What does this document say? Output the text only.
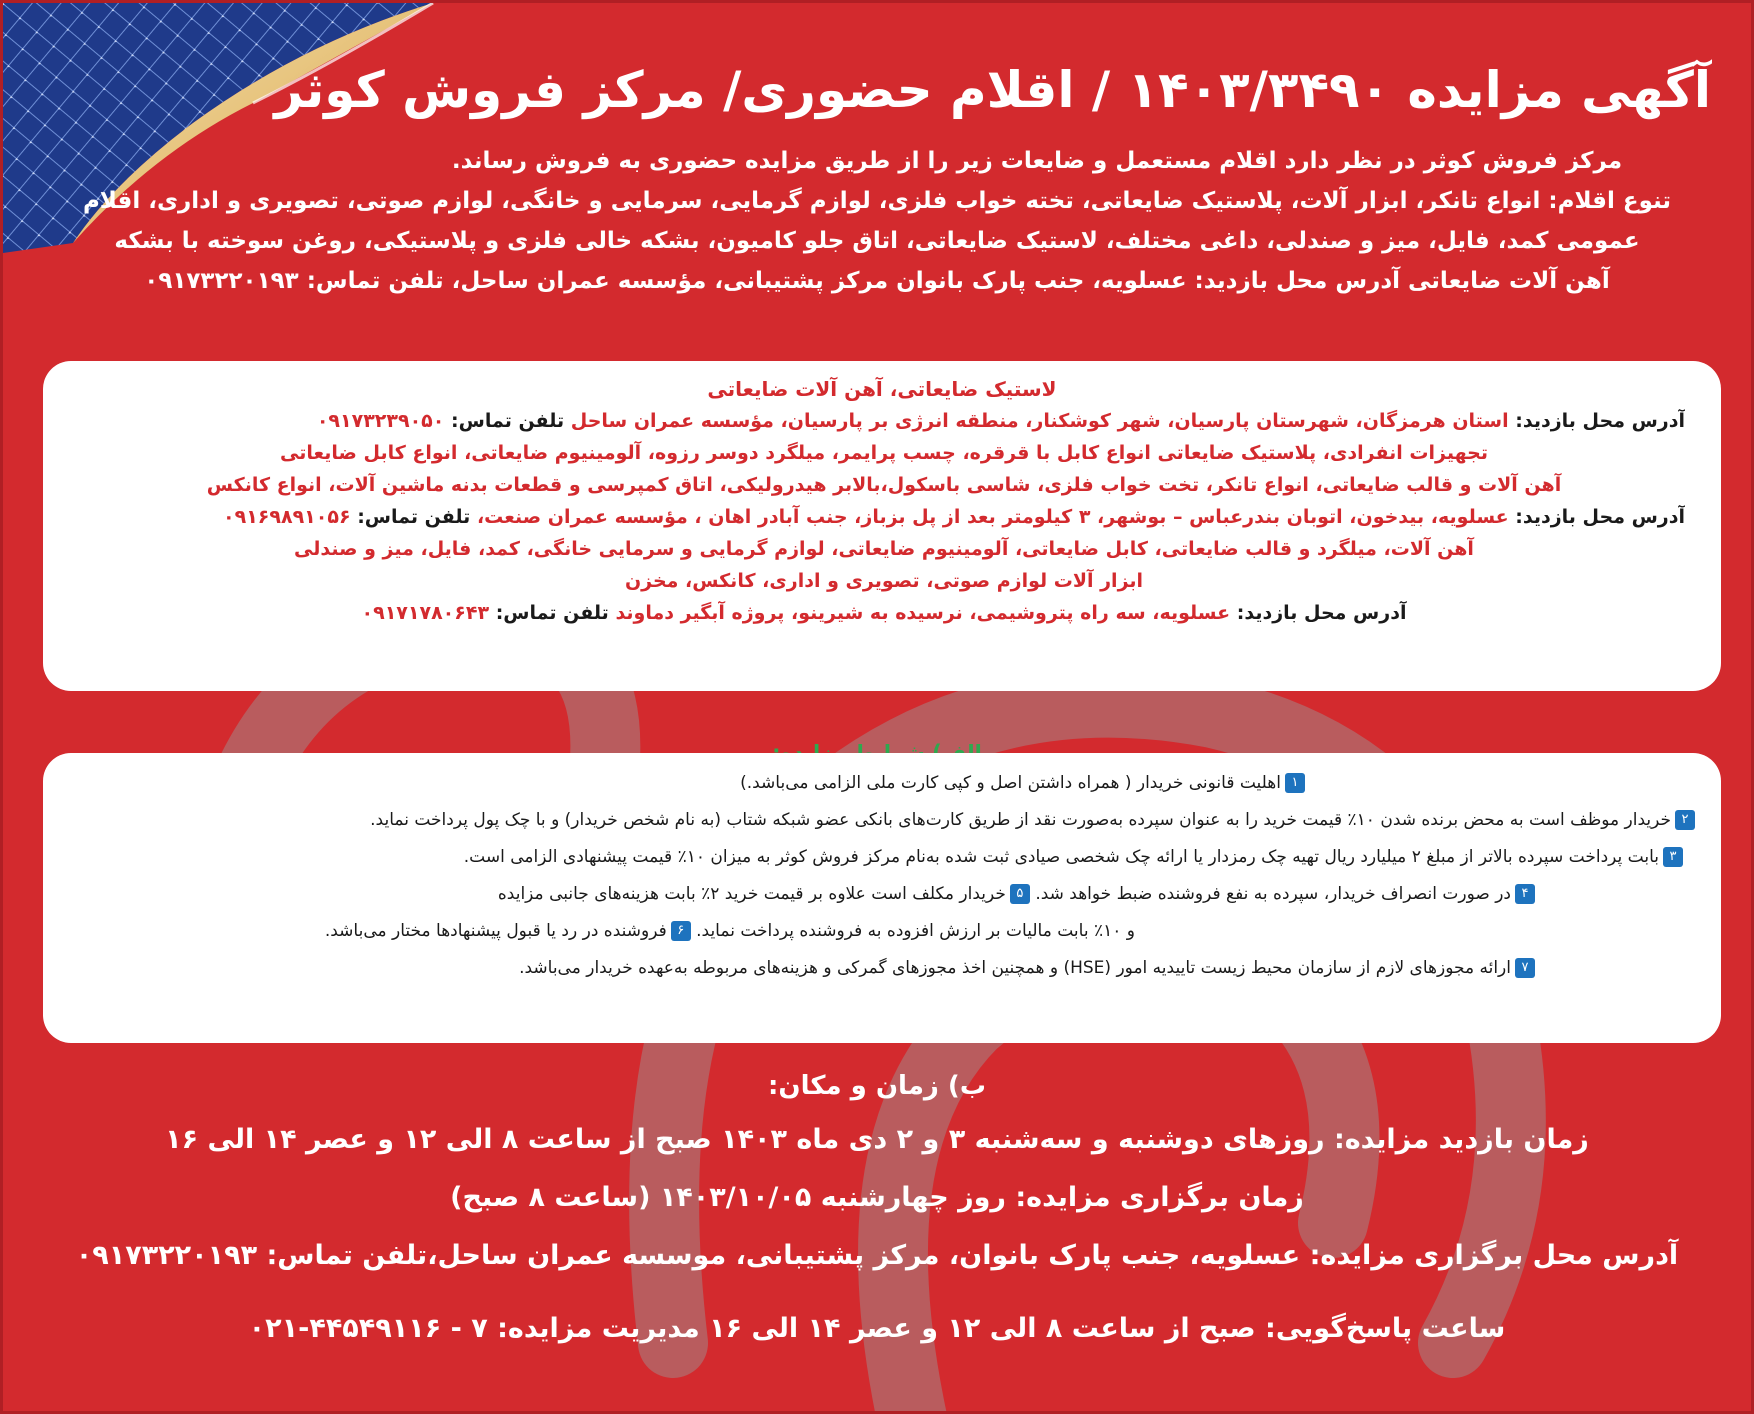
آگهی مزایده ۱۴۰۳/۳۴۹۰ / اقلام حضوری/ مرکز فروش کوثر

مرکز فروش کوثر در نظر دارد اقلام مستعمل و ضایعات زیر را از طریق مزایده حضوری به فروش رساند.

تنوع اقلام: انواع تانکر، ابزار آلات، پلاستیک ضایعاتی، تخته خواب فلزی، لوازم گرمایی، سرمایی و خانگی، لوازم صوتی، تصویری و اداری، اقلام

عمومی کمد، فایل، میز و صندلی، داغی مختلف، لاستیک ضایعاتی، اتاق جلو کامیون، بشکه خالی فلزی و پلاستیکی، روغن سوخته با بشکه

آهن آلات ضایعاتی آدرس محل بازدید: عسلویه، جنب پارک بانوان مرکز پشتیبانی، مؤسسه عمران ساحل، تلفن تماس: ۰۹۱۷۳۲۲۰۱۹۳

لاستیک ضایعاتی، آهن آلات ضایعاتی
آدرس محل بازدید: استان هرمزگان، شهرستان پارسیان، شهر کوشکنار، منطقه انرژی بر پارسیان، مؤسسه عمران ساحل تلفن تماس: ۰۹۱۷۳۲۳۹۰۵۰
تجهیزات انفرادی، پلاستیک ضایعاتی انواع کابل با قرقره، چسب پرایمر، میلگرد دوسر رزوه، آلومینیوم ضایعاتی، انواع کابل ضایعاتی
آهن آلات و قالب ضایعاتی، انواع تانکر، تخت خواب فلزی، شاسی باسکول،بالابر هیدرولیکی، اتاق کمپرسی و قطعات بدنه ماشین آلات، انواع کانکس
آدرس محل بازدید: عسلویه، بیدخون، اتوبان بندرعباس – بوشهر، ۳ کیلومتر بعد از پل بزباز، جنب آبادر اهان ، مؤسسه عمران صنعت، تلفن تماس: ۰۹۱۶۹۸۹۱۰۵۶
آهن آلات، میلگرد و قالب ضایعاتی، کابل ضایعاتی، آلومینیوم ضایعاتی، لوازم گرمایی و سرمایی خانگی، کمد، فایل، میز و صندلی
ابزار آلات لوازم صوتی، تصویری و اداری، کانکس، مخزن
آدرس محل بازدید: عسلویه، سه راه پتروشیمی، نرسیده به شیرینو، پروژه آبگیر دماوند تلفن تماس: ۰۹۱۷۱۷۸۰۶۴۳
۱اهلیت قانونی خریدار ( همراه داشتن اصل و کپی کارت ملی الزامی می‌باشد.)
۲خریدار موظف است به محض برنده شدن ۱۰٪ قیمت خرید را به عنوان سپرده به‌صورت نقد از طریق کارت‌های بانکی عضو شبکه شتاب (به نام شخص خریدار) و با چک پول پرداخت نماید.
۳بابت پرداخت سپرده بالاتر از مبلغ ۲ میلیارد ریال تهیه چک رمزدار یا ارائه چک شخصی صیادی ثبت شده به‌نام مرکز فروش کوثر به میزان ۱۰٪ قیمت پیشنهادی الزامی است.
۴در صورت انصراف خریدار، سپرده به نفع فروشنده ضبط خواهد شد. ۵خریدار مکلف است علاوه بر قیمت خرید ۲٪ بابت هزینه‌های جانبی مزایده
و ۱۰٪ بابت مالیات بر ارزش افزوده به فروشنده پرداخت نماید. ۶فروشنده در رد یا قبول پیشنهادها مختار می‌باشد.
۷ارائه مجوزهای لازم از سازمان محیط زیست تاییدیه امور (HSE) و همچنین اخذ مجوزهای گمرکی و هزینه‌های مربوطه به‌عهده خریدار می‌باشد.
ب) زمان و مکان:
زمان بازدید مزایده: روزهای دوشنبه و سه‌شنبه ۳ و ۲ دی ماه ۱۴۰۳ صبح از ساعت ۸ الی ۱۲ و عصر ۱۴ الی ۱۶
زمان برگزاری مزایده: روز چهارشنبه ۱۴۰۳/۱۰/۰۵ (ساعت ۸ صبح)
آدرس محل برگزاری مزایده: عسلویه، جنب پارک بانوان، مرکز پشتیبانی، موسسه عمران ساحل،تلفن تماس: ۰۹۱۷۳۲۲۰۱۹۳
ساعت پاسخ‌گویی: صبح از ساعت ۸ الی ۱۲ و عصر ۱۴ الی ۱۶ مدیریت مزایده: ۷ - ۴۴۵۴۹۱۱۶-۰۲۱
